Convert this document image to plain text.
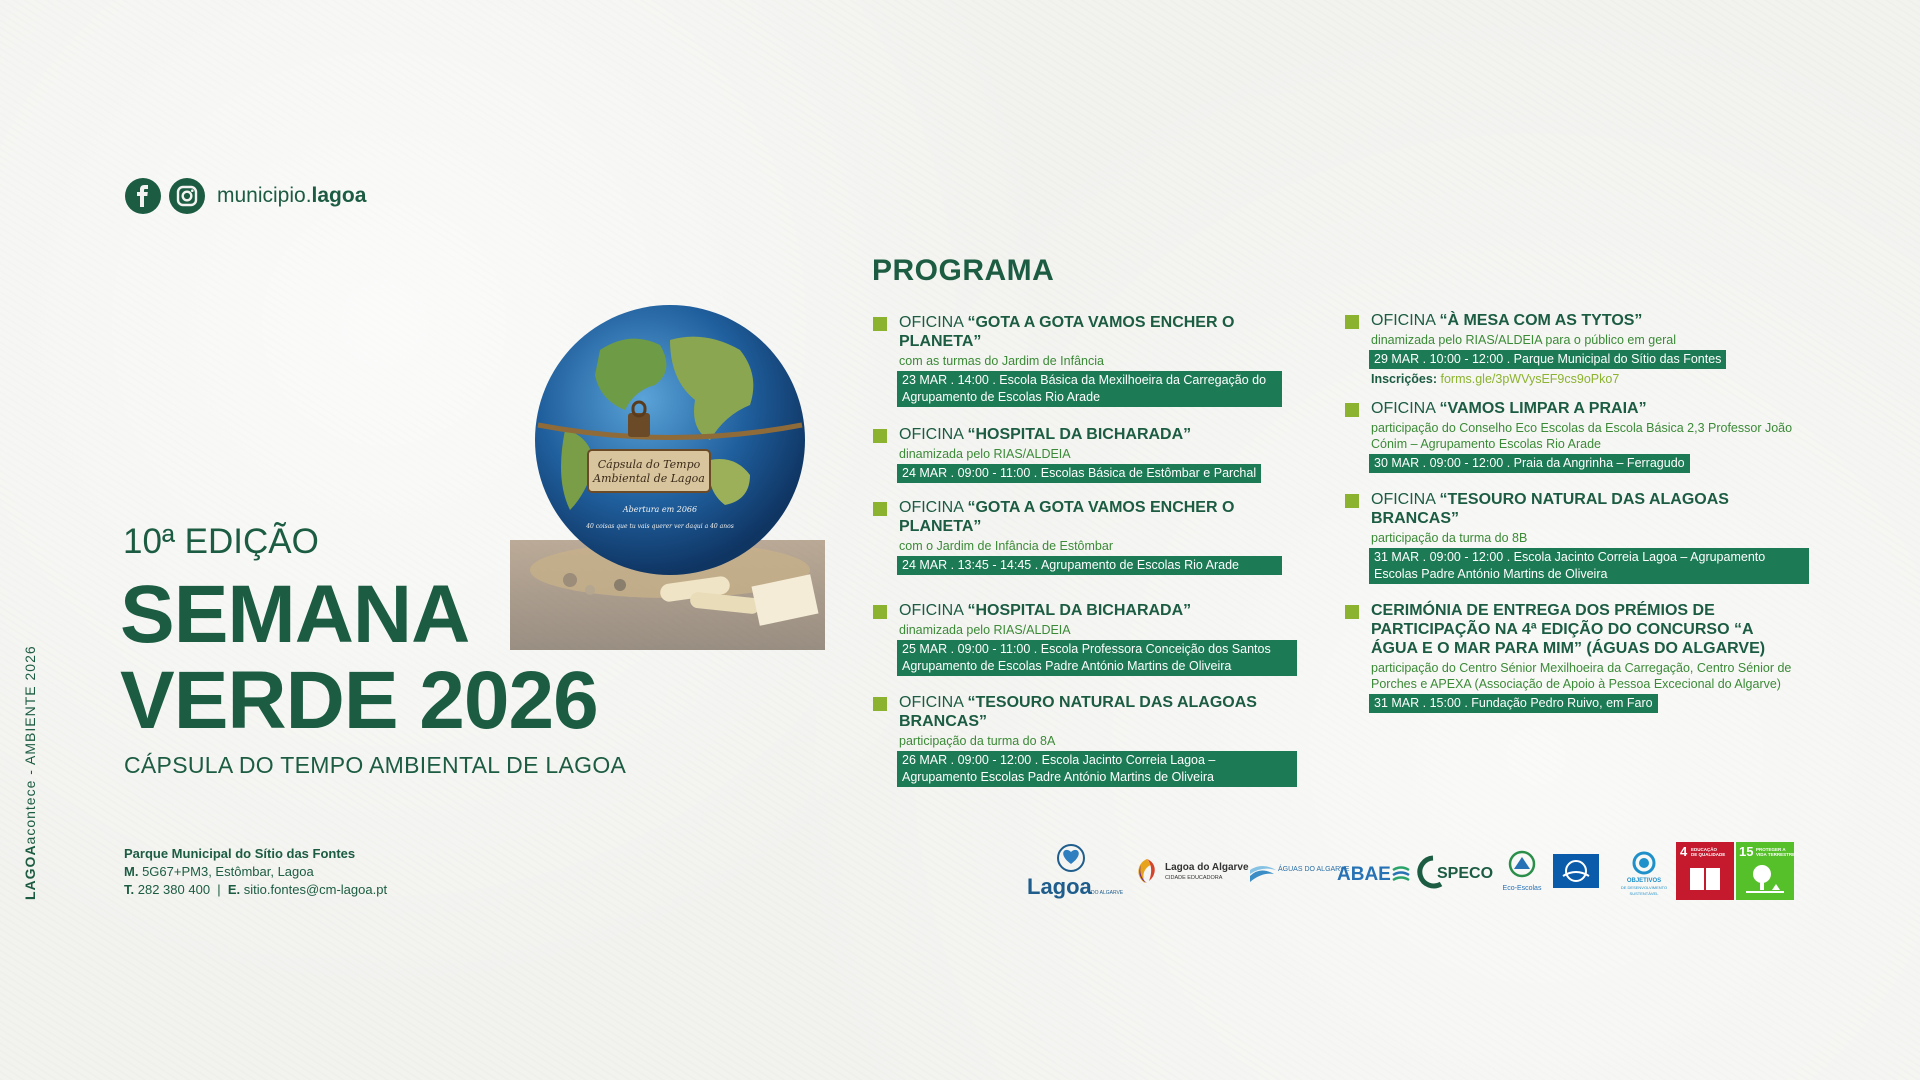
municipio.lagoa
LAGOAacontece - AMBIENTE 2026
Cápsula do Tempo
Ambiental de Lagoa
Abertura em 2066
40 coisas que tu vais querer ver daqui a 40 anos
10ª EDIÇÃO
SEMANA
VERDE 2026
CÁPSULA DO TEMPO AMBIENTAL DE LAGOA
Parque Municipal do Sítio das Fontes
M. 5G67+PM3, Estômbar, Lagoa
T. 282 380 400  |  E. sitio.fontes@cm-lagoa.pt
PROGRAMA
OFICINA “GOTA A GOTA VAMOS ENCHER O PLANETA”
com as turmas do Jardim de Infância
23 MAR . 14:00 . Escola Básica da Mexilhoeira da Carregação do Agrupamento de Escolas Rio Arade
OFICINA “HOSPITAL DA BICHARADA”
dinamizada pelo RIAS/ALDEIA
24 MAR . 09:00 - 11:00 . Escolas Básica de Estômbar e Parchal
OFICINA “GOTA A GOTA VAMOS ENCHER O PLANETA”
com o Jardim de Infância de Estômbar
24 MAR . 13:45 - 14:45 . Agrupamento de Escolas Rio Arade
OFICINA “HOSPITAL DA BICHARADA”
dinamizada pelo RIAS/ALDEIA
25 MAR . 09:00 - 11:00 . Escola Professora Conceição dos Santos Agrupamento de Escolas Padre António Martins de Oliveira
OFICINA “TESOURO NATURAL DAS ALAGOAS BRANCAS”
participação da turma do 8A
26 MAR . 09:00 - 12:00 . Escola Jacinto Correia Lagoa – Agrupamento Escolas Padre António Martins de Oliveira
OFICINA “À MESA COM AS TYTOS”
dinamizada pelo RIAS/ALDEIA para o público em geral
29 MAR . 10:00 - 12:00 . Parque Municipal do Sítio das Fontes
Inscrições: forms.gle/3pWVysEF9cs9oPko7
OFICINA “VAMOS LIMPAR A PRAIA”
participação do Conselho Eco Escolas da Escola Básica 2,3 Professor João Cónim – Agrupamento Escolas Rio Arade
30 MAR . 09:00 - 12:00 . Praia da Angrinha – Ferragudo
OFICINA “TESOURO NATURAL DAS ALAGOAS BRANCAS”
participação da turma do 8B
31 MAR . 09:00 - 12:00 . Escola Jacinto Correia Lagoa – Agrupamento Escolas Padre António Martins de Oliveira
CERIMÓNIA DE ENTREGA DOS PRÉMIOS DE PARTICIPAÇÃO NA 4ª EDIÇÃO DO CONCURSO “A ÁGUA E O MAR PARA MIM” (ÁGUAS DO ALGARVE)
participação do Centro Sénior Mexilhoeira da Carregação, Centro Sénior de Porches e APEXA (Associação de Apoio à Pessoa Excecional do Algarve)
31 MAR . 15:00 . Fundação Pedro Ruivo, em Faro
Lagoa DO ALGARVE
Lagoa do Algarve
CIDADE EDUCADORA
ÁGUAS DO ALGARVE
ABAE	SPECO
Eco-Escolas
OBJETIVOS
DE DESENVOLVIMENTO
SUSTENTÁVEL
4 EDUCAÇÃO
DE QUALIDADE 15 PROTEGER A
VIDA TERRESTRE
